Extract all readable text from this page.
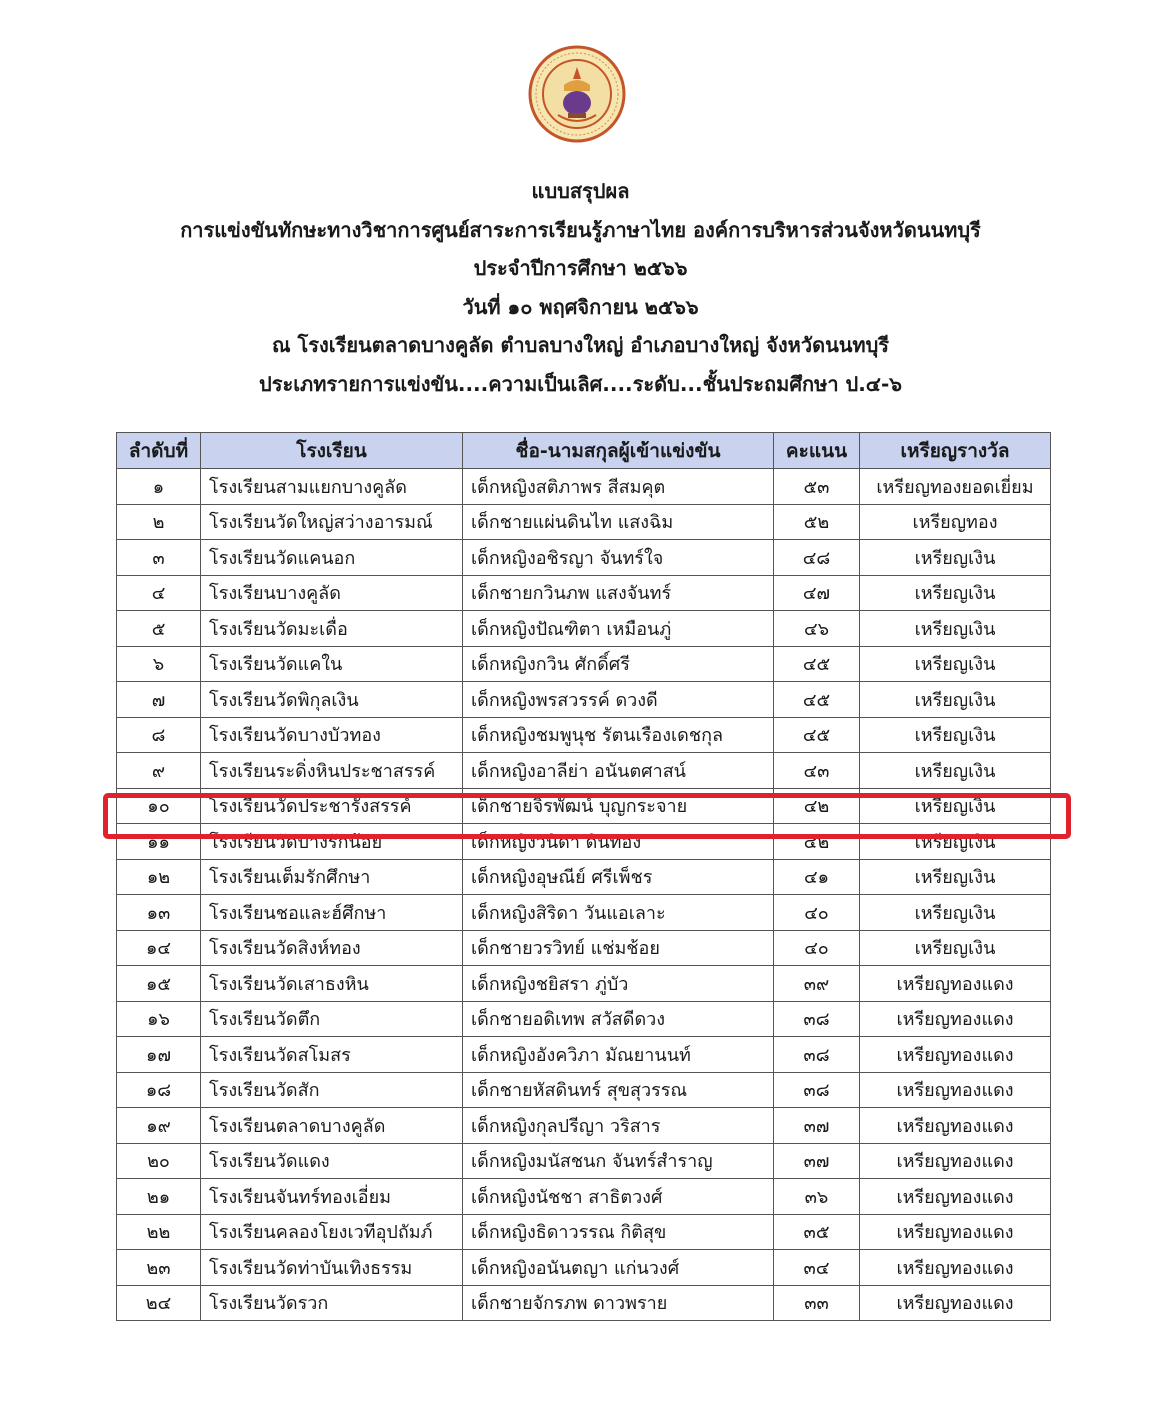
แบบสรุปผล
การแข่งขันทักษะทางวิชาการศูนย์สาระการเรียนรู้ภาษาไทย องค์การบริหารส่วนจังหวัดนนทบุรี
ประจำปีการศึกษา ๒๕๖๖
วันที่ ๑๐ พฤศจิกายน ๒๕๖๖
ณ โรงเรียนตลาดบางคูลัด ตำบลบางใหญ่ อำเภอบางใหญ่ จังหวัดนนทบุรี
ประเภทรายการแข่งขัน....ความเป็นเลิศ....ระดับ...ชั้นประถมศึกษา ป.๔-๖
ลำดับที่	โรงเรียน	ชื่อ-นามสกุลผู้เข้าแข่งขัน	คะแนน	เหรียญรางวัล
๑	โรงเรียนสามแยกบางคูลัด	เด็กหญิงสติภาพร สีสมคุต	๕๓	เหรียญทองยอดเยี่ยม
๒	โรงเรียนวัดใหญ่สว่างอารมณ์	เด็กชายแผ่นดินไท แสงฉิม	๕๒	เหรียญทอง
๓	โรงเรียนวัดแคนอก	เด็กหญิงอชิรญา จันทร์ใจ	๔๘	เหรียญเงิน
๔	โรงเรียนบางคูลัด	เด็กชายกวินภพ แสงจันทร์	๔๗	เหรียญเงิน
๕	โรงเรียนวัดมะเดื่อ	เด็กหญิงปัณฑิตา เหมือนภู่	๔๖	เหรียญเงิน
๖	โรงเรียนวัดแคใน	เด็กหญิงกวิน ศักดิ์ศรี	๔๕	เหรียญเงิน
๗	โรงเรียนวัดพิกุลเงิน	เด็กหญิงพรสวรรค์ ดวงดี	๔๕	เหรียญเงิน
๘	โรงเรียนวัดบางบัวทอง	เด็กหญิงชมพูนุช รัตนเรืองเดชกุล	๔๕	เหรียญเงิน
๙	โรงเรียนระดิ่งหินประชาสรรค์	เด็กหญิงอาลีย่า อนันตศาสน์	๔๓	เหรียญเงิน
๑๐	โรงเรียนวัดประชารังสรรค์	เด็กชายจิรพัฒน์ บุญกระจาย	๔๒	เหรียญเงิน
๑๑	โรงเรียนวัดบางรักน้อย	เด็กหญิงวนิดา ดินทอง	๔๒	เหรียญเงิน
๑๒	โรงเรียนเต็มรักศึกษา	เด็กหญิงอุษณีย์ ศรีเพ็ชร	๔๑	เหรียญเงิน
๑๓	โรงเรียนชอและฮ์ศึกษา	เด็กหญิงสิริดา วันแอเลาะ	๔๐	เหรียญเงิน
๑๔	โรงเรียนวัดสิงห์ทอง	เด็กชายวรวิทย์ แช่มช้อย	๔๐	เหรียญเงิน
๑๕	โรงเรียนวัดเสาธงหิน	เด็กหญิงชยิสรา ภู่บัว	๓๙	เหรียญทองแดง
๑๖	โรงเรียนวัดตึก	เด็กชายอดิเทพ สวัสดีดวง	๓๘	เหรียญทองแดง
๑๗	โรงเรียนวัดสโมสร	เด็กหญิงอังควิภา มัณยานนท์	๓๘	เหรียญทองแดง
๑๘	โรงเรียนวัดสัก	เด็กชายหัสดินทร์ สุขสุวรรณ	๓๘	เหรียญทองแดง
๑๙	โรงเรียนตลาดบางคูลัด	เด็กหญิงกุลปรีญา วริสาร	๓๗	เหรียญทองแดง
๒๐	โรงเรียนวัดแดง	เด็กหญิงมนัสชนก จันทร์สำราญ	๓๗	เหรียญทองแดง
๒๑	โรงเรียนจันทร์ทองเอี่ยม	เด็กหญิงนัชชา สาธิตวงศ์	๓๖	เหรียญทองแดง
๒๒	โรงเรียนคลองโยงเวทีอุปถัมภ์	เด็กหญิงธิดาวรรณ กิติสุข	๓๕	เหรียญทองแดง
๒๓	โรงเรียนวัดท่าบันเทิงธรรม	เด็กหญิงอนันตญา แก่นวงศ์	๓๔	เหรียญทองแดง
๒๔	โรงเรียนวัดรวก	เด็กชายจักรภพ ดาวพราย	๓๓	เหรียญทองแดง
